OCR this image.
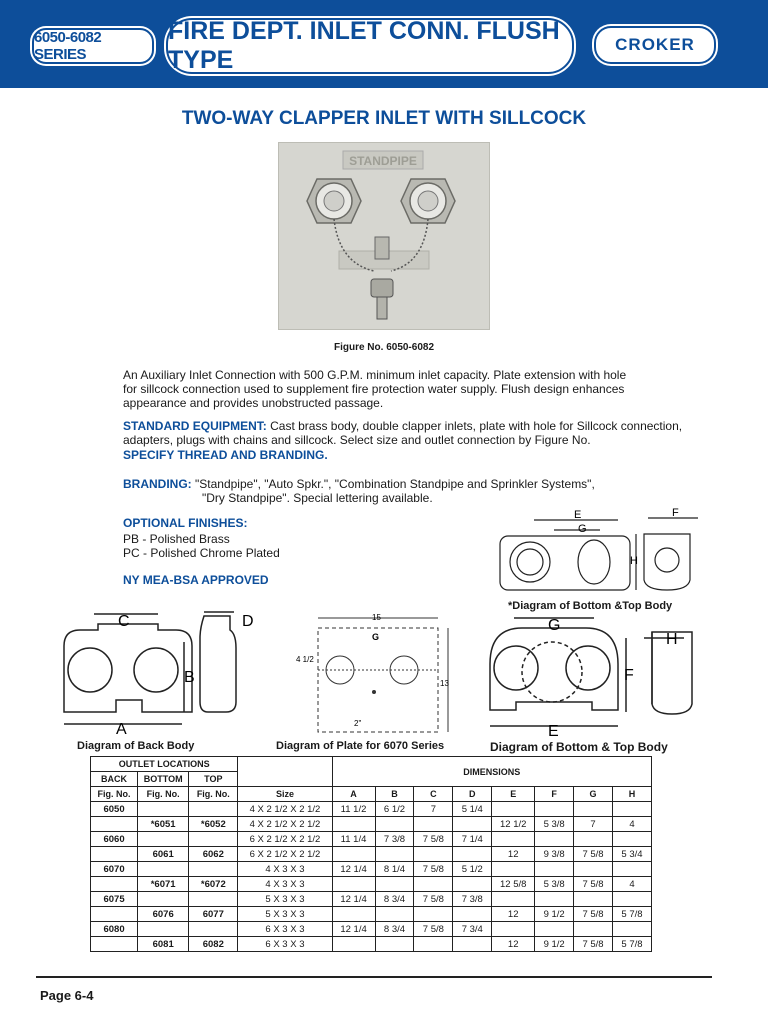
6050-6082 SERIES
FIRE DEPT. INLET CONN. FLUSH TYPE
CROKER
TWO-WAY CLAPPER INLET WITH SILLCOCK
STANDPIPE
Figure No. 6050-6082
An Auxiliary Inlet Connection with 500 G.P.M. minimum inlet capacity. Plate extension with hole for sillcock connection used to supplement fire protection water supply. Flush design enhances appearance and provides unobstructed passage.
STANDARD EQUIPMENT: Cast brass body, double clapper inlets, plate with hole for Sillcock connection, adapters, plugs with chains and sillcock. Select size and outlet connection by Figure No.
SPECIFY THREAD AND BRANDING.
BRANDING: "Standpipe", "Auto Spkr.", "Combination Standpipe and Sprinkler Systems",
"Dry Standpipe". Special lettering available.
OPTIONAL FINISHES:
PB - Polished Brass
PC - Polished Chrome Plated
NY MEA-BSA APPROVED
E
G
F
H
*Diagram of Bottom &Top Body
C
B
A
D
Diagram of Back Body
15
G
4 1/2
13
2"
Diagram of Plate for 6070 Series
G
F
E
H
Diagram of Bottom & Top Body
OUTLET LOCATIONS				DIMENSIONS							
BACK	BOTTOM	TOP									
Fig. No.	Fig. No.	Fig. No.	Size	A	B	C	D	E	F	G	H
6050			4 X 2 1/2 X 2 1/2	11 1/2	6 1/2	7	5 1/4				
	*6051	*6052	4 X 2 1/2 X 2 1/2					12 1/2	5 3/8	7	4
6060			6 X 2 1/2 X 2 1/2	11 1/4	7 3/8	7 5/8	7 1/4				
	6061	6062	6 X 2 1/2 X 2 1/2					12	9 3/8	7 5/8	5 3/4
6070			4 X 3 X 3	12 1/4	8 1/4	7 5/8	5 1/2				
	*6071	*6072	4 X 3 X 3					12 5/8	5 3/8	7 5/8	4
6075			5 X 3 X 3	12 1/4	8 3/4	7 5/8	7 3/8				
	6076	6077	5 X 3 X 3					12	9 1/2	7 5/8	5 7/8
6080			6 X 3 X 3	12 1/4	8 3/4	7 5/8	7 3/4				
	6081	6082	6 X 3 X 3					12	9 1/2	7 5/8	5 7/8
Page 6-4
